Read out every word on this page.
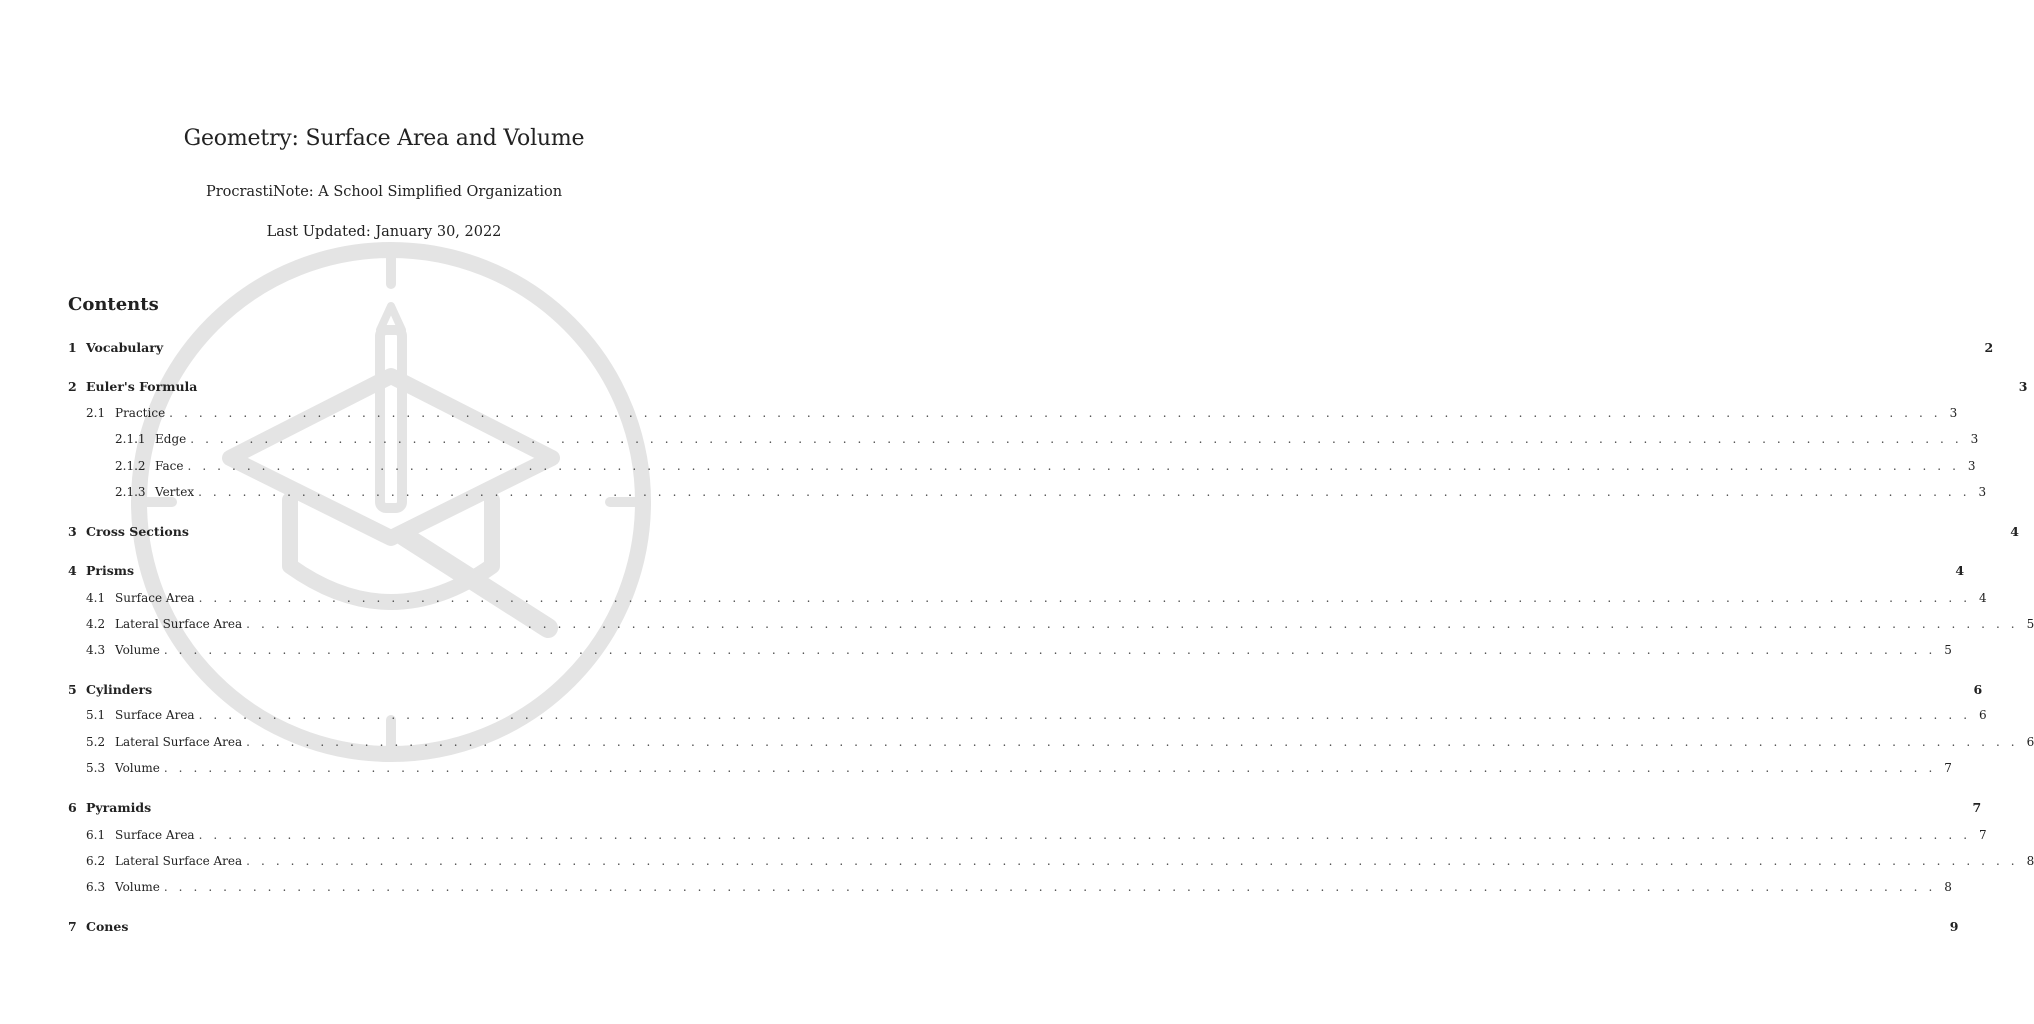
Geometry: Surface Area and Volume
ProcrastiNote: A School Simplified Organization
Last Updated: January 30, 2022
Contents
1 Vocabulary	2
2 Euler's Formula	3
2.1 Practice . . . . . . . . . . . . . . . . . . . . . . . . . . . . . . . . . . . . . . . . . . . . . . . . . . . . . . . . . . . . . . . . . . . . . . . . . . . . . . . . . . . . . . . . . . . . . . . . . . . . . . . . . . . . . . . . . . . . . . . . 3
2.1.1 Edge . . . . . . . . . . . . . . . . . . . . . . . . . . . . . . . . . . . . . . . . . . . . . . . . . . . . . . . . . . . . . . . . . . . . . . . . . . . . . . . . . . . . . . . . . . . . . . . . . . . . . . . . . . . . . . . . . . . . . . . . 3
2.1.2 Face . . . . . . . . . . . . . . . . . . . . . . . . . . . . . . . . . . . . . . . . . . . . . . . . . . . . . . . . . . . . . . . . . . . . . . . . . . . . . . . . . . . . . . . . . . . . . . . . . . . . . . . . . . . . . . . . . . . . . . . . 3
2.1.3 Vertex . . . . . . . . . . . . . . . . . . . . . . . . . . . . . . . . . . . . . . . . . . . . . . . . . . . . . . . . . . . . . . . . . . . . . . . . . . . . . . . . . . . . . . . . . . . . . . . . . . . . . . . . . . . . . . . . . . . . . . . . 3
3 Cross Sections	4
4 Prisms	4
4.1 Surface Area . . . . . . . . . . . . . . . . . . . . . . . . . . . . . . . . . . . . . . . . . . . . . . . . . . . . . . . . . . . . . . . . . . . . . . . . . . . . . . . . . . . . . . . . . . . . . . . . . . . . . . . . . . . . . . . . . . . . . . . . 4
4.2 Lateral Surface Area . . . . . . . . . . . . . . . . . . . . . . . . . . . . . . . . . . . . . . . . . . . . . . . . . . . . . . . . . . . . . . . . . . . . . . . . . . . . . . . . . . . . . . . . . . . . . . . . . . . . . . . . . . . . . . . . . . . . . . . . 5
4.3 Volume . . . . . . . . . . . . . . . . . . . . . . . . . . . . . . . . . . . . . . . . . . . . . . . . . . . . . . . . . . . . . . . . . . . . . . . . . . . . . . . . . . . . . . . . . . . . . . . . . . . . . . . . . . . . . . . . . . . . . . . . 5
5 Cylinders	6
5.1 Surface Area . . . . . . . . . . . . . . . . . . . . . . . . . . . . . . . . . . . . . . . . . . . . . . . . . . . . . . . . . . . . . . . . . . . . . . . . . . . . . . . . . . . . . . . . . . . . . . . . . . . . . . . . . . . . . . . . . . . . . . . . 6
5.2 Lateral Surface Area . . . . . . . . . . . . . . . . . . . . . . . . . . . . . . . . . . . . . . . . . . . . . . . . . . . . . . . . . . . . . . . . . . . . . . . . . . . . . . . . . . . . . . . . . . . . . . . . . . . . . . . . . . . . . . . . . . . . . . . . 6
5.3 Volume . . . . . . . . . . . . . . . . . . . . . . . . . . . . . . . . . . . . . . . . . . . . . . . . . . . . . . . . . . . . . . . . . . . . . . . . . . . . . . . . . . . . . . . . . . . . . . . . . . . . . . . . . . . . . . . . . . . . . . . . 7
6 Pyramids	7
6.1 Surface Area . . . . . . . . . . . . . . . . . . . . . . . . . . . . . . . . . . . . . . . . . . . . . . . . . . . . . . . . . . . . . . . . . . . . . . . . . . . . . . . . . . . . . . . . . . . . . . . . . . . . . . . . . . . . . . . . . . . . . . . . 7
6.2 Lateral Surface Area . . . . . . . . . . . . . . . . . . . . . . . . . . . . . . . . . . . . . . . . . . . . . . . . . . . . . . . . . . . . . . . . . . . . . . . . . . . . . . . . . . . . . . . . . . . . . . . . . . . . . . . . . . . . . . . . . . . . . . . . 8
6.3 Volume . . . . . . . . . . . . . . . . . . . . . . . . . . . . . . . . . . . . . . . . . . . . . . . . . . . . . . . . . . . . . . . . . . . . . . . . . . . . . . . . . . . . . . . . . . . . . . . . . . . . . . . . . . . . . . . . . . . . . . . . 8
7 Cones	9
